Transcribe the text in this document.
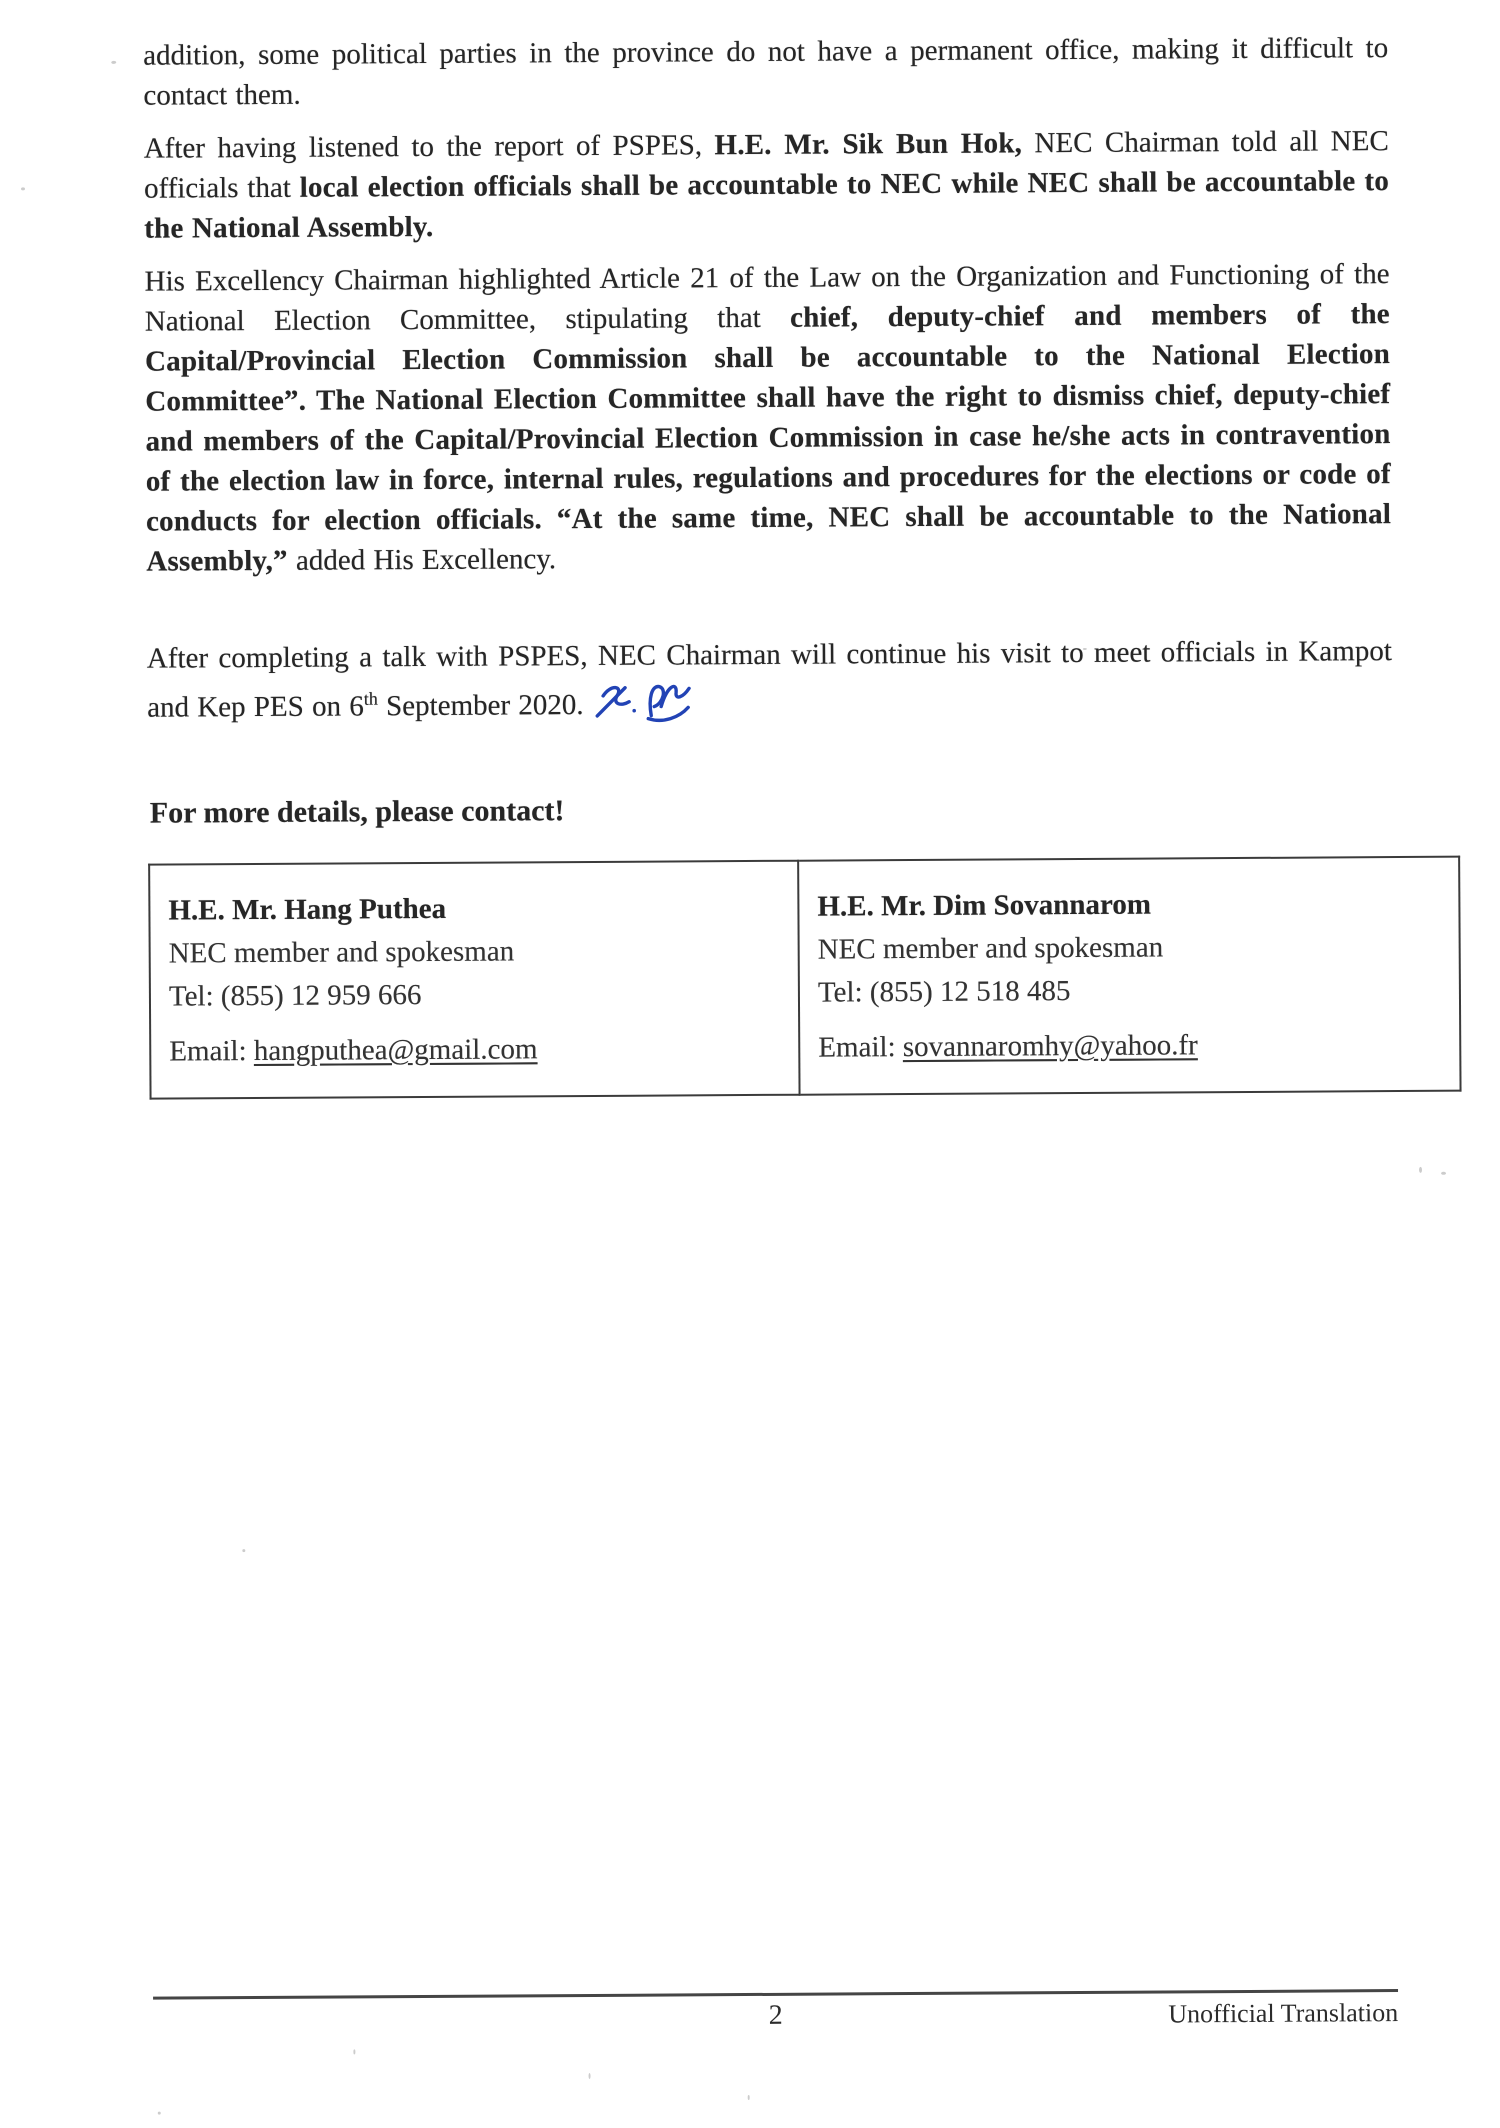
addition, some political parties in the province do not have a permanent office, making it difficult to contact them.

After having listened to the report of PSPES, H.E. Mr. Sik Bun Hok, NEC Chairman told all NEC officials that local election officials shall be accountable to NEC while NEC shall be accountable to the National Assembly.

His Excellency Chairman highlighted Article 21 of the Law on the Organization and Functioning of the National Election Committee, stipulating that chief, deputy-chief and members of the Capital/Provincial Election Commission shall be accountable to the National Election Committee”. The National Election Committee shall have the right to dismiss chief, deputy-chief and members of the Capital/Provincial Election Commission in case he/she acts in contravention of the election law in force, internal rules, regulations and procedures for the elections or code of conducts for election officials. “At the same time, NEC shall be accountable to the National Assembly,” added His Excellency.

After completing a talk with PSPES, NEC Chairman will continue his visit to meet officials in Kampot and Kep PES on 6th September 2020.

For more details, please contact!
H.E. Mr. Hang Puthea
NEC member and spokesman
Tel: (855) 12 959 666
Email: hangputhea@gmail.com

H.E. Mr. Dim Sovannarom
NEC member and spokesman
Tel: (855) 12 518 485
Email: sovannaromhy@yahoo.fr
2	Unofficial Translation
